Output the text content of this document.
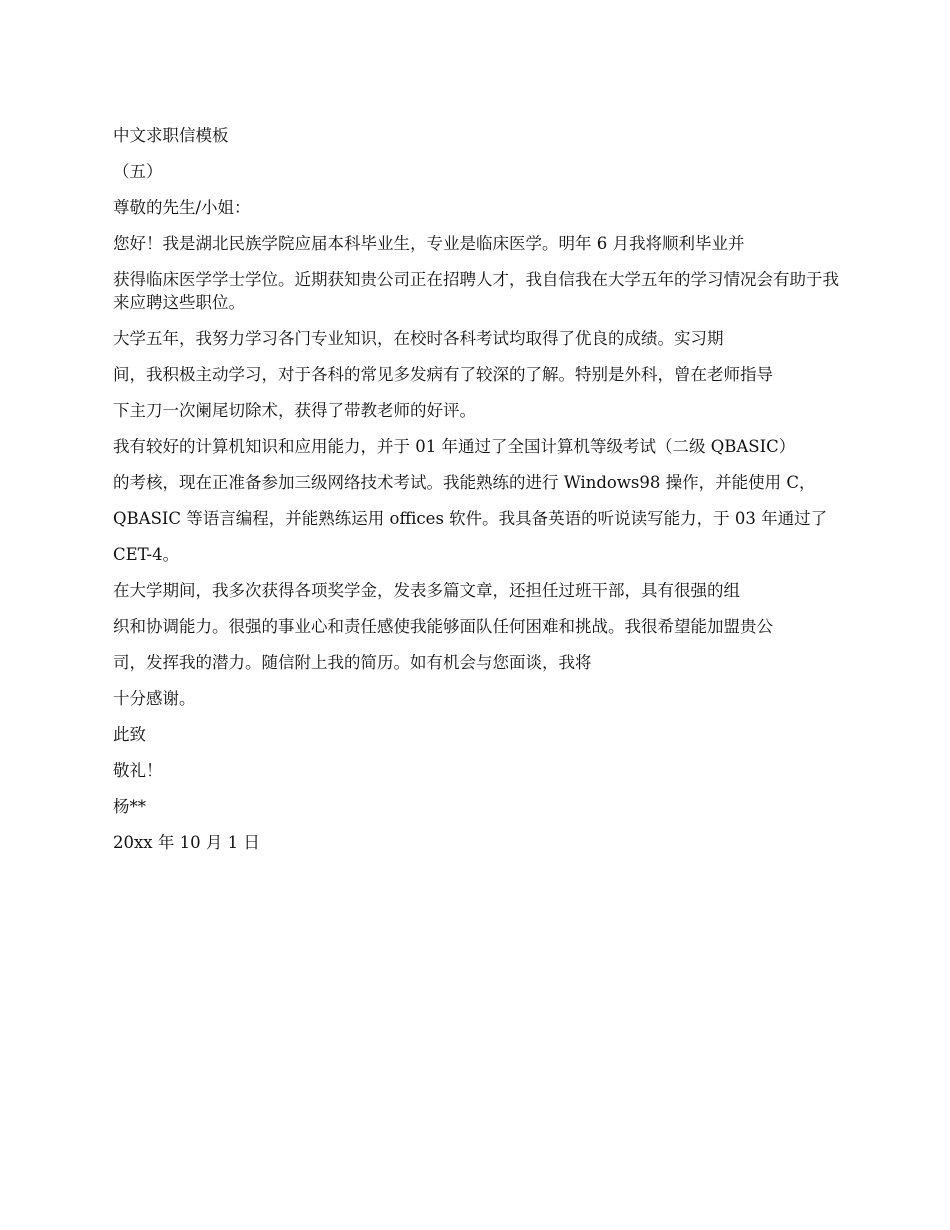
中文求职信模板

（五）

尊敬的先生/小姐：

您好！我是湖北民族学院应届本科毕业生，专业是临床医学。明年 6 月我将顺利毕业并

获得临床医学学士学位。近期获知贵公司正在招聘人才，我自信我在大学五年的学习情况会有助于我来应聘这些职位。

大学五年，我努力学习各门专业知识，在校时各科考试均取得了优良的成绩。实习期

间，我积极主动学习，对于各科的常见多发病有了较深的了解。特别是外科，曾在老师指导

下主刀一次阑尾切除术，获得了带教老师的好评。

我有较好的计算机知识和应用能力，并于 01 年通过了全国计算机等级考试（二级 QBASIC）

的考核，现在正准备参加三级网络技术考试。我能熟练的进行 Windows98 操作，并能使用 C，

QBASIC 等语言编程，并能熟练运用 offices 软件。我具备英语的听说读写能力，于 03 年通过了

CET-4。

在大学期间，我多次获得各项奖学金，发表多篇文章，还担任过班干部，具有很强的组

织和协调能力。很强的事业心和责任感使我能够面队任何困难和挑战。我很希望能加盟贵公

司，发挥我的潜力。随信附上我的简历。如有机会与您面谈，我将

十分感谢。

此致

敬礼！

杨**

20xx 年 10 月 1 日
